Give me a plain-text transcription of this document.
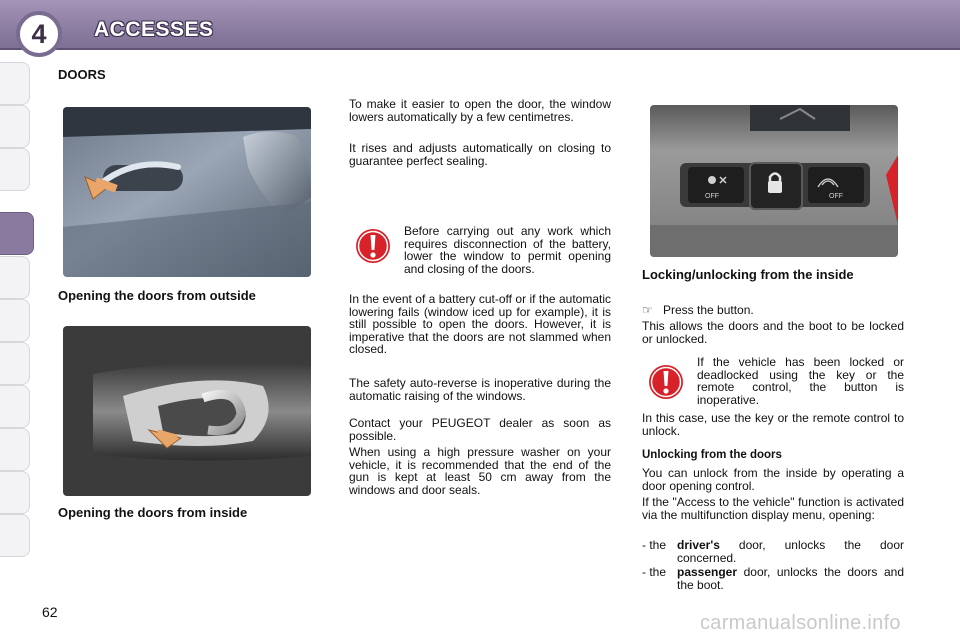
4 ACCESSES
62
DOORS
Opening the doors from outside
Opening the doors from inside

To make it easier to open the door, the window lowers automatically by a few centimetres.

It rises and adjusts automatically on closing to guarantee perfect sealing.

Before carrying out any work which requires disconnection of the battery, lower the window to permit opening and closing of the doors.

In the event of a battery cut-off or if the automatic lowering fails (window iced up for example), it is still possible to open the doors. However, it is imperative that the doors are not slammed when closed.

The safety auto-reverse is inoperative during the automatic raising of the windows.

Contact your PEUGEOT dealer as soon as possible.

When using a high pressure washer on your vehicle, it is recommended that the end of the gun is kept at least 50 cm away from the windows and door seals.

OFF	OFF
Locking/unlocking from the inside
☞ Press the button.

This allows the doors and the boot to be locked or unlocked.

If the vehicle has been locked or deadlocked using the key or the remote control, the button is inoperative.

In this case, use the key or the remote control to unlock.

Unlocking from the doors

You can unlock from the inside by operating a door opening control.

If the "Access to the vehicle" function is activated via the multifunction display menu, opening:

- the driver's door, unlocks the door concerned.
- the passenger door, unlocks the doors and the boot.
carmanualsonline.info
